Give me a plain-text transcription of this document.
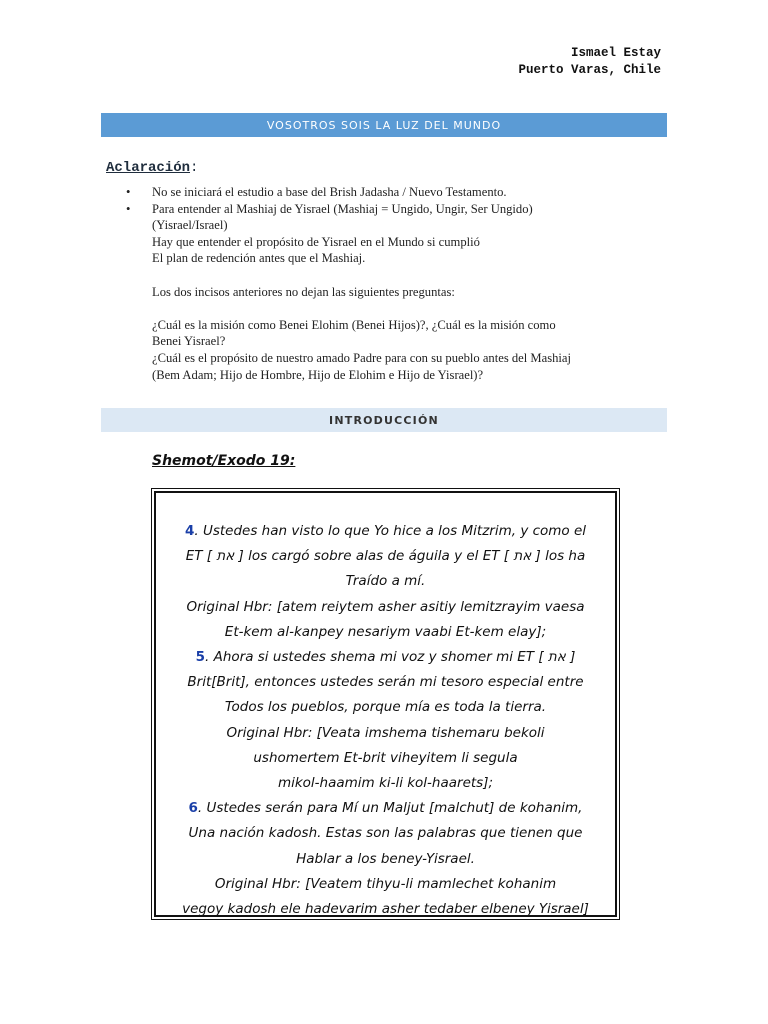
Ismael Estay
Puerto Varas, Chile
VOSOTROS SOIS LA LUZ DEL MUNDO
Aclaración:
• No se iniciará el estudio a base del Brish Jadasha / Nuevo Testamento.
• Para entender al Mashiaj de Yisrael (Mashiaj = Ungido, Ungir, Ser Ungido)
(Yisrael/Israel)
Hay que entender el propósito de Yisrael en el Mundo si cumplió
El plan de redención antes que el Mashiaj.
Los dos incisos anteriores no dejan las siguientes preguntas:
¿Cuál es la misión como Benei Elohim (Benei Hijos)?, ¿Cuál es la misión como
Benei Yisrael?
¿Cuál es el propósito de nuestro amado Padre para con su pueblo antes del Mashiaj
(Bem Adam; Hijo de Hombre, Hijo de Elohim e Hijo de Yisrael)?
INTRODUCCIÓN
Shemot/Exodo 19:
4. Ustedes han visto lo que Yo hice a los Mitzrim, y como el
ET [ את ] los cargó sobre alas de águila y el ET [ את ] los ha
Traído a mí.
Original Hbr: [atem reiytem asher asitiy lemitzrayim vaesa
Et-kem al-kanpey nesariym vaabi Et-kem elay];
5. Ahora si ustedes shema mi voz y shomer mi ET [ את ]
Brit[Brit], entonces ustedes serán mi tesoro especial entre
Todos los pueblos, porque mía es toda la tierra.
Original Hbr: [Veata imshema tishemaru bekoli
ushomertem Et-brit viheyitem li segula
mikol-haamim ki-li kol-haarets];
6. Ustedes serán para Mí un Maljut [malchut] de kohanim,
Una nación kadosh. Estas son las palabras que tienen que
Hablar a los beney-Yisrael.
Original Hbr: [Veatem tihyu-li mamlechet kohanim
vegoy kadosh ele hadevarim asher tedaber elbeney Yisrael]
